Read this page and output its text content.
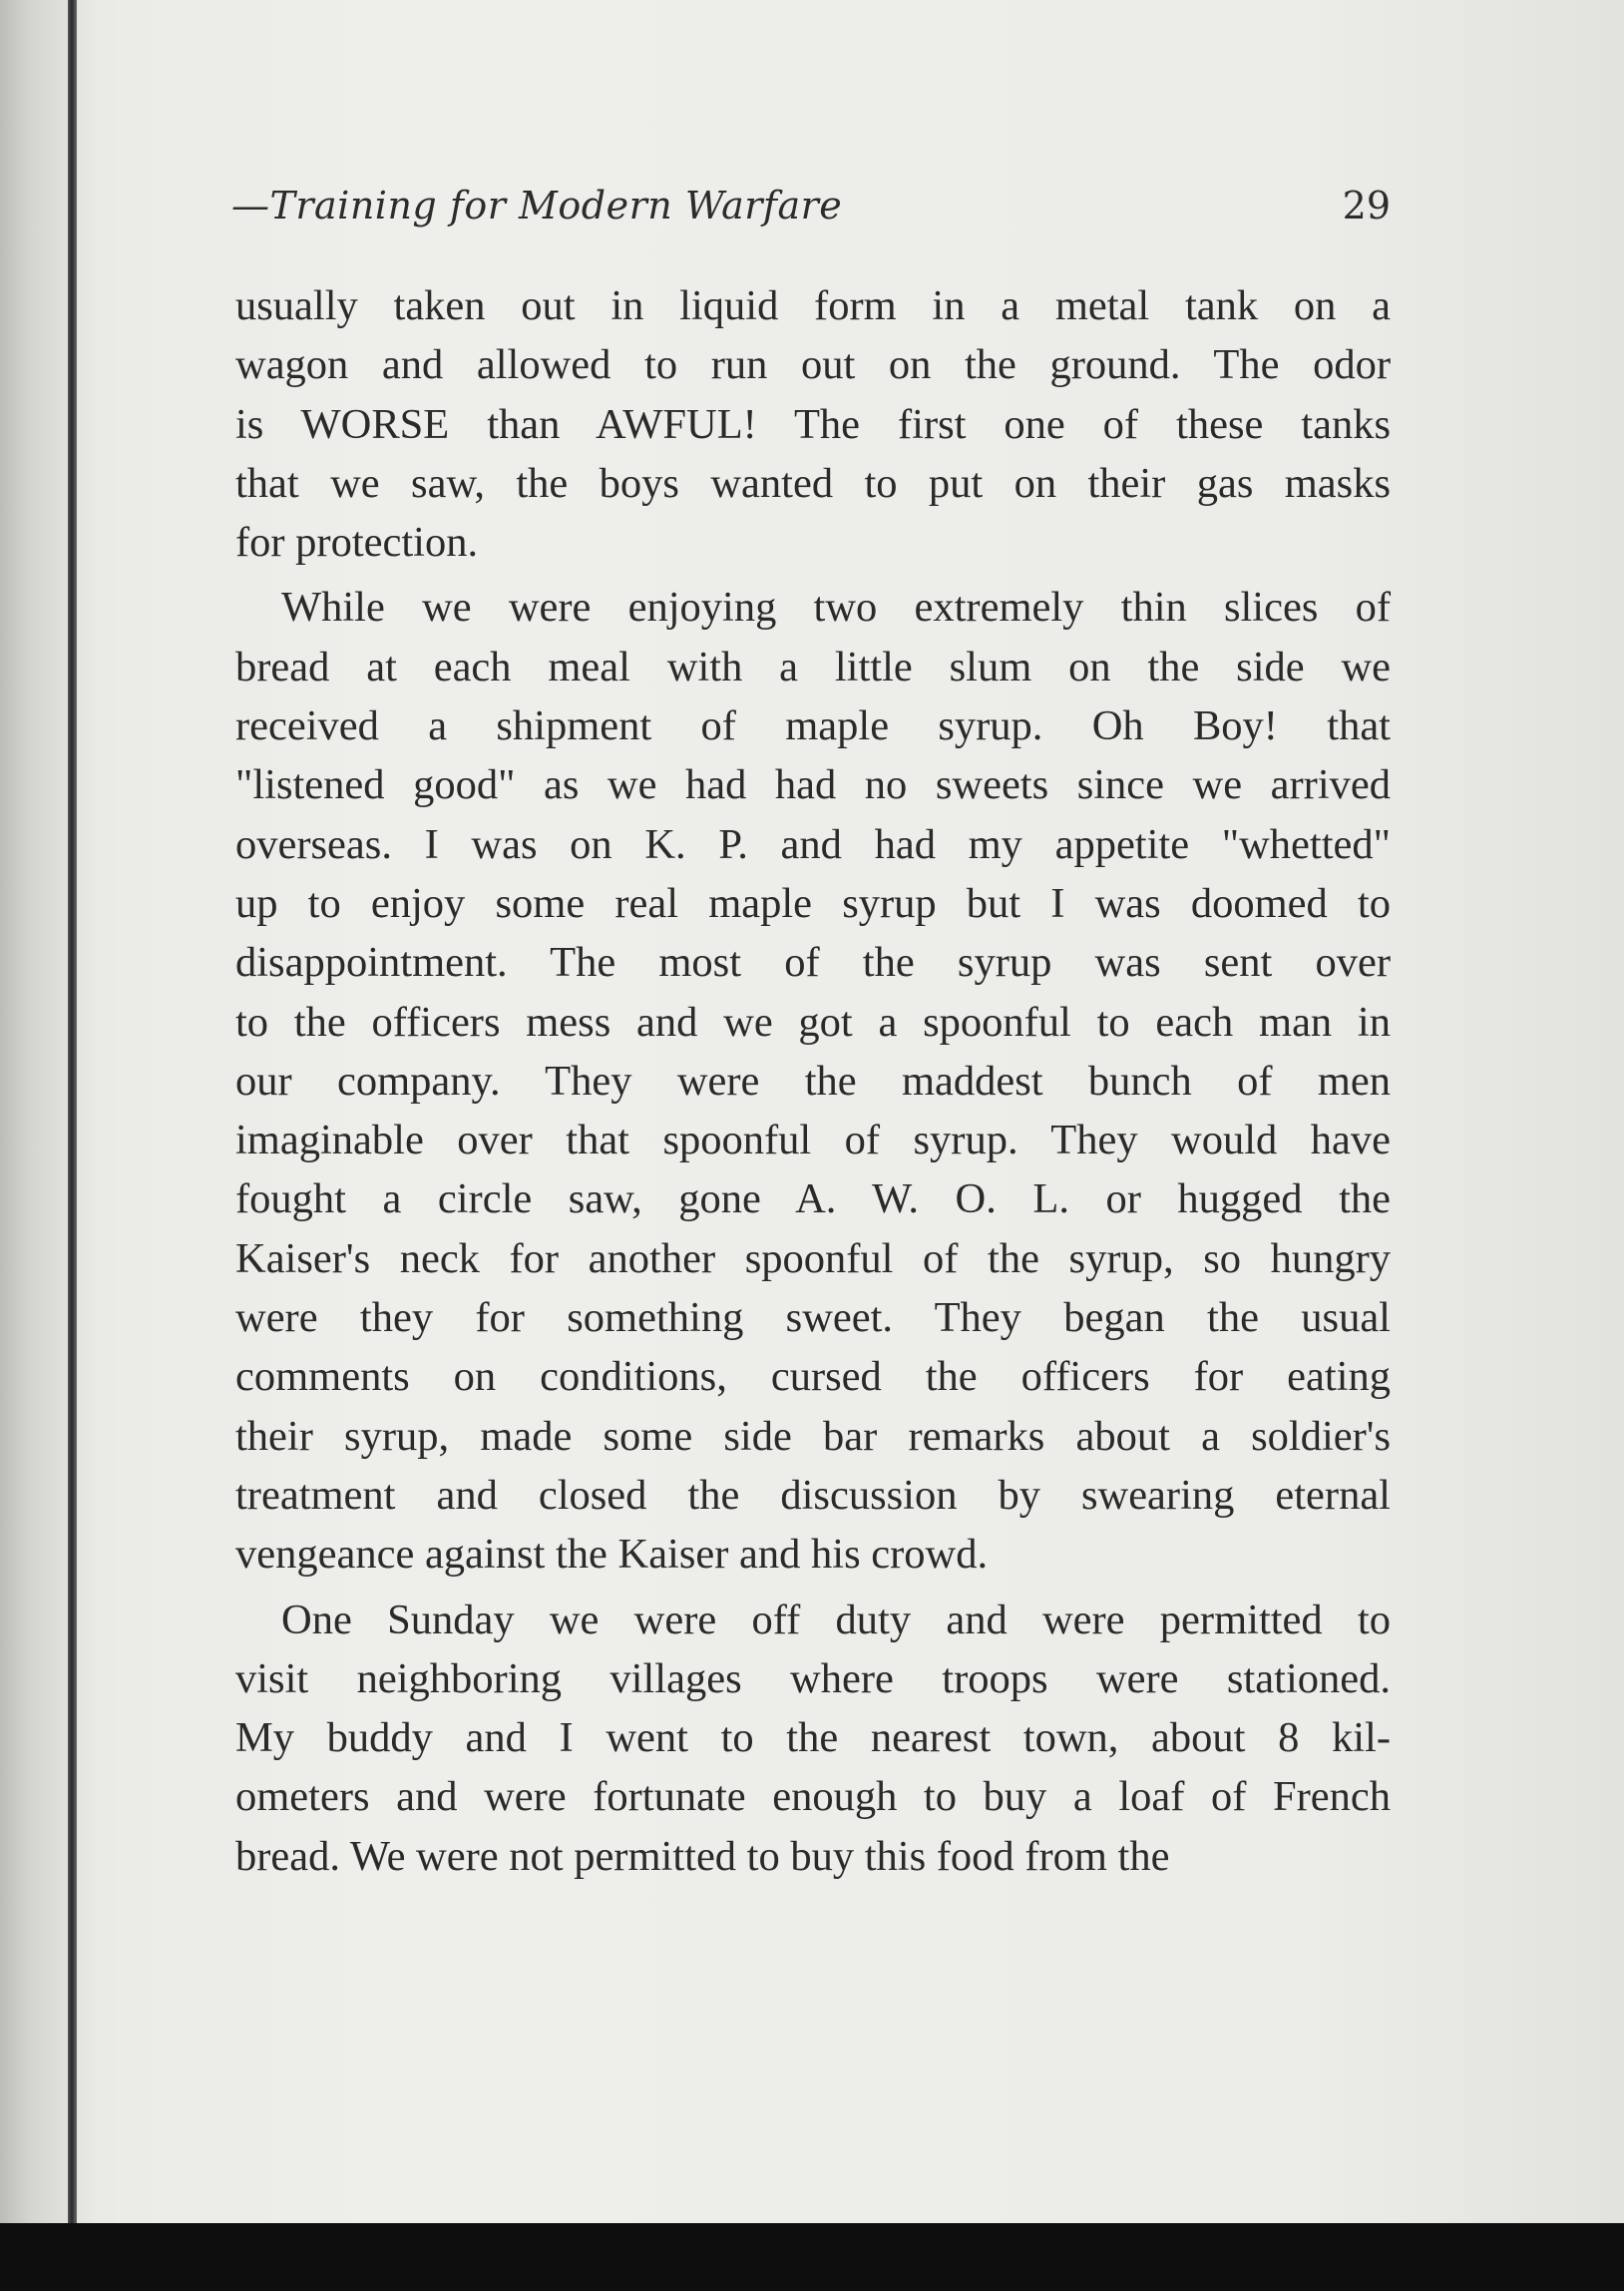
—Training for Modern Warfare	29
usually taken out in liquid form in a metal tank on a
wagon and allowed to run out on the ground. The odor
is WORSE than AWFUL! The first one of these tanks
that we saw, the boys wanted to put on their gas masks
for protection.
While we were enjoying two extremely thin slices of
bread at each meal with a little slum on the side we
received a shipment of maple syrup. Oh Boy! that
"listened good" as we had had no sweets since we arrived
overseas. I was on K. P. and had my appetite "whetted"
up to enjoy some real maple syrup but I was doomed to
disappointment. The most of the syrup was sent over
to the officers mess and we got a spoonful to each man in
our company. They were the maddest bunch of men
imaginable over that spoonful of syrup. They would have
fought a circle saw, gone A. W. O. L. or hugged the
Kaiser's neck for another spoonful of the syrup, so hungry
were they for something sweet. They began the usual
comments on conditions, cursed the officers for eating
their syrup, made some side bar remarks about a soldier's
treatment and closed the discussion by swearing eternal
vengeance against the Kaiser and his crowd.
One Sunday we were off duty and were permitted to
visit neighboring villages where troops were stationed.
My buddy and I went to the nearest town, about 8 kil-
ometers and were fortunate enough to buy a loaf of French
bread. We were not permitted to buy this food from the
